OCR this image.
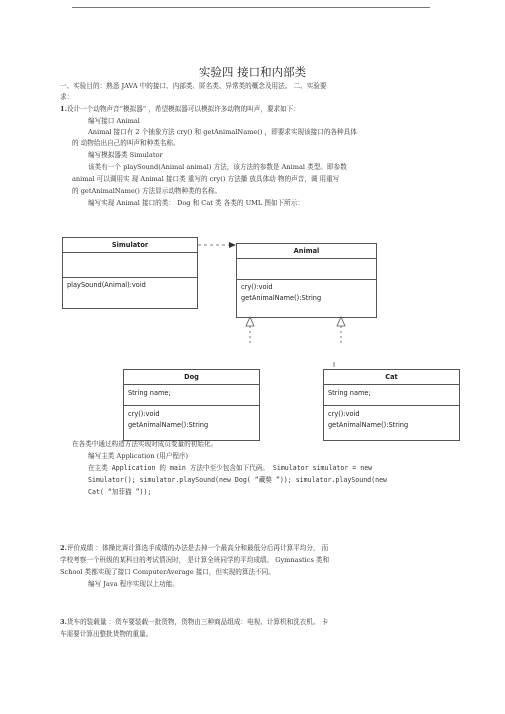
实验四 接口和内部类
一、实验目的：熟悉 JAVA 中的接口、内部类、匿名类、异常类的概念及用法。 二、实验要
求：
1.设计一个动物声音“模拟器” ，希望模拟器可以模拟许多动物的叫声，要求如下：
编写接口 Animal
Animal 接口有 2 个抽象方法 cry() 和 getAnimalName() ，即要求实现该接口的各种具体
的 动物给出自己的叫声和种类名称。
编写模拟器类 Simulator
该类有一个 playSound(Animal animal) 方法，该方法的参数是 Animal 类型。即参数
animal 可以调用实 现 Animal 接口类 重写的 cry() 方法播 放具体动 物的声音，调 用重写
的 getAnimalName() 方法显示动物种类的名称。
编写实现 Animal 接口的类： Dog 和 Cat 类 各类的 UML 图如下所示：
Simulator
playSound(Animal):void
Animal
cry():void
getAnimalName():String
Dog
String name;
cry():void
getAnimalName():String
Cat
String name;
cry():void
getAnimalName():String
在各类中通过构造方法实现对成员变量的初始化。
编写主类 Application (用户程序)
在主类 Application 的 main 方法中至少包含如下代码。 Simulator simulator = new
Simulator(); simulator.playSound(new Dog( “藏獒 ”)); simulator.playSound(new
Cat( “加菲猫 ”));
2.评价成绩 ：体操比赛计算选手成绩的办法是去掉一个最高分和最低分后再计算平均分， 而
学校考察一个班级的某科目的考试情况时， 是计算全班同学的平均成绩。 Gymnastics 类和
School 类都实现了接口 ComputerAverage 接口，但实现的算法不同。
编写 Java 程序实现以上功能。
3.货车的装载量 ：货车要装载一批货物，货物由三种商品组成：电视、计算机和洗衣机。 卡
车需要计算出整批货物的重量。
